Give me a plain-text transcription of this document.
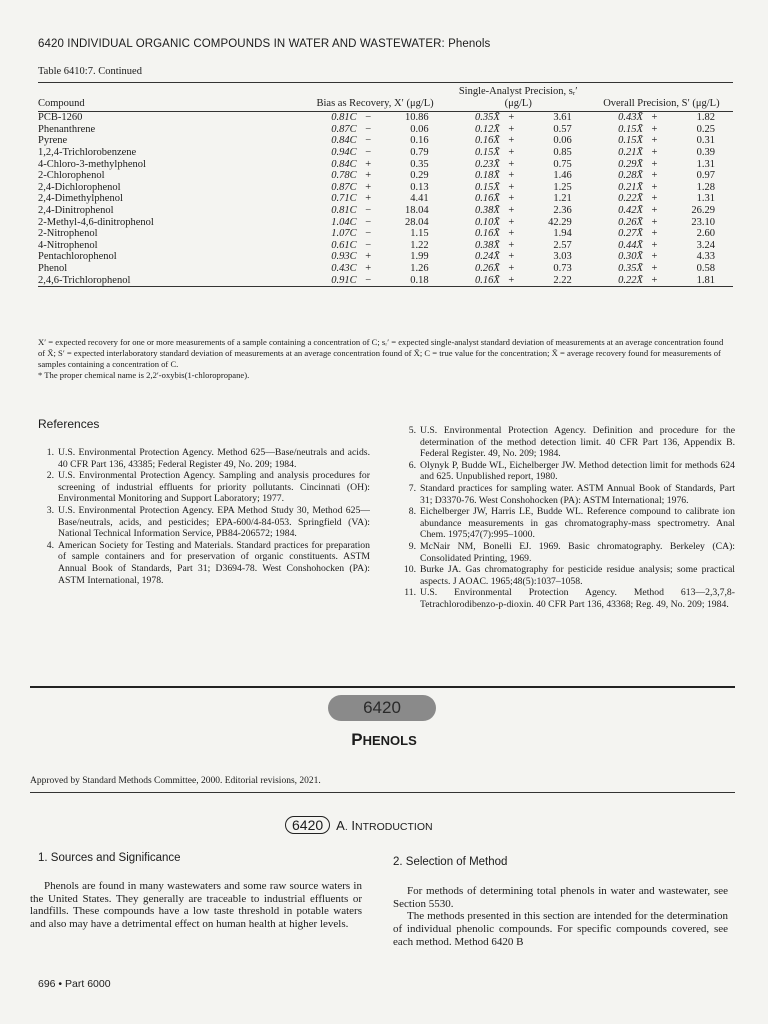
6420 INDIVIDUAL ORGANIC COMPOUNDS IN WATER AND WASTEWATER: Phenols
Table 6410:7. Continued
Compound	Bias as Recovery, X′ (μg/L)			Single-Analyst Precision, sᵣ′ (μg/L)			Overall Precision, S′ (μg/L)		
PCB-1260	0.81C	−	10.86	0.35X̄	+	3.61	0.43X̄	+	1.82
Phenanthrene	0.87C	−	0.06	0.12X̄	+	0.57	0.15X̄	+	0.25
Pyrene	0.84C	−	0.16	0.16X̄	+	0.06	0.15X̄	+	0.31
1,2,4-Trichlorobenzene	0.94C	−	0.79	0.15X̄	+	0.85	0.21X̄	+	0.39
4-Chloro-3-methylphenol	0.84C	+	0.35	0.23X̄	+	0.75	0.29X̄	+	1.31
2-Chlorophenol	0.78C	+	0.29	0.18X̄	+	1.46	0.28X̄	+	0.97
2,4-Dichlorophenol	0.87C	+	0.13	0.15X̄	+	1.25	0.21X̄	+	1.28
2,4-Dimethylphenol	0.71C	+	4.41	0.16X̄	+	1.21	0.22X̄	+	1.31
2,4-Dinitrophenol	0.81C	−	18.04	0.38X̄	+	2.36	0.42X̄	+	26.29
2-Methyl-4,6-dinitrophenol	1.04C	−	28.04	0.10X̄	+	42.29	0.26X̄	+	23.10
2-Nitrophenol	1.07C	−	1.15	0.16X̄	+	1.94	0.27X̄	+	2.60
4-Nitrophenol	0.61C	−	1.22	0.38X̄	+	2.57	0.44X̄	+	3.24
Pentachlorophenol	0.93C	+	1.99	0.24X̄	+	3.03	0.30X̄	+	4.33
Phenol	0.43C	+	1.26	0.26X̄	+	0.73	0.35X̄	+	0.58
2,4,6-Trichlorophenol	0.91C	−	0.18	0.16X̄	+	2.22	0.22X̄	+	1.81

X′ = expected recovery for one or more measurements of a sample containing a concentration of C; sᵣ′ = expected single-analyst standard deviation of measurements at an average concentration found of X̄; S′ = expected interlaboratory standard deviation of measurements at an average concentration found of X̄; C = true value for the concentration; X̄ = average recovery found for measurements of samples containing a concentration of C.

* The proper chemical name is 2,2′-oxybis(1-chloropropane).

References
1. U.S. Environmental Protection Agency. Method 625—Base/neutrals and acids. 40 CFR Part 136, 43385; Federal Register 49, No. 209; 1984.
2. U.S. Environmental Protection Agency. Sampling and analysis procedures for screening of industrial effluents for priority pollutants. Cincinnati (OH): Environmental Monitoring and Support Laboratory; 1977.
3. U.S. Environmental Protection Agency. EPA Method Study 30, Method 625—Base/neutrals, acids, and pesticides; EPA-600/4-84-053. Springfield (VA): National Technical Information Service, PB84-206572; 1984.
4. American Society for Testing and Materials. Standard practices for preparation of sample containers and for preservation of organic constituents. ASTM Annual Book of Standards, Part 31; D3694-78. West Conshohocken (PA): ASTM International, 1978.
5. U.S. Environmental Protection Agency. Definition and procedure for the determination of the method detection limit. 40 CFR Part 136, Appendix B. Federal Register. 49, No. 209; 1984.
6. Olynyk P, Budde WL, Eichelberger JW. Method detection limit for methods 624 and 625. Unpublished report, 1980.
7. Standard practices for sampling water. ASTM Annual Book of Standards, Part 31; D3370-76. West Conshohocken (PA): ASTM International; 1976.
8. Eichelberger JW, Harris LE, Budde WL. Reference compound to calibrate ion abundance measurements in gas chromatography-mass spectrometry. Anal Chem. 1975;47(7):995–1000.
9. McNair NM, Bonelli EJ. 1969. Basic chromatography. Berkeley (CA): Consolidated Printing, 1969.
10. Burke JA. Gas chromatography for pesticide residue analysis; some practical aspects. J AOAC. 1965;48(5):1037–1058.
11. U.S. Environmental Protection Agency. Method 613—2,3,7,8-Tetrachlorodibenzo-p-dioxin. 40 CFR Part 136, 43368; Reg. 49, No. 209; 1984.
6420
PHENOLS
Approved by Standard Methods Committee, 2000. Editorial revisions, 2021.
6420 A. INTRODUCTION
1. Sources and Significance

Phenols are found in many wastewaters and some raw source waters in the United States. They generally are traceable to industrial effluents or landfills. These compounds have a low taste threshold in potable waters and also may have a detrimental effect on human health at higher levels.

2. Selection of Method

For methods of determining total phenols in water and wastewater, see Section 5530.

The methods presented in this section are intended for the determination of individual phenolic compounds. For specific compounds covered, see each method. Method 6420 B

696 • Part 6000
